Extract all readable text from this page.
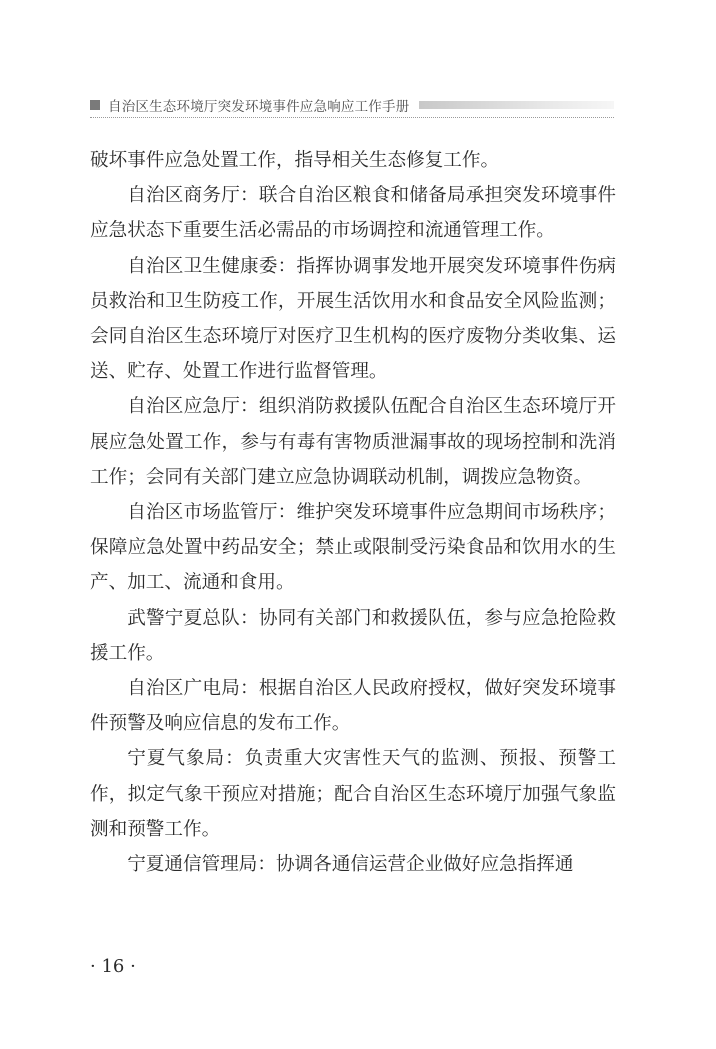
自治区生态环境厅突发环境事件应急响应工作手册

破坏事件应急处置工作，指导相关生态修复工作。

自治区商务厅：联合自治区粮食和储备局承担突发环境事件应急状态下重要生活必需品的市场调控和流通管理工作。

自治区卫生健康委：指挥协调事发地开展突发环境事件伤病员救治和卫生防疫工作，开展生活饮用水和食品安全风险监测；会同自治区生态环境厅对医疗卫生机构的医疗废物分类收集、运送、贮存、处置工作进行监督管理。

自治区应急厅：组织消防救援队伍配合自治区生态环境厅开展应急处置工作，参与有毒有害物质泄漏事故的现场控制和洗消工作；会同有关部门建立应急协调联动机制，调拨应急物资。

自治区市场监管厅：维护突发环境事件应急期间市场秩序；保障应急处置中药品安全；禁止或限制受污染食品和饮用水的生产、加工、流通和食用。

武警宁夏总队：协同有关部门和救援队伍，参与应急抢险救援工作。

自治区广电局：根据自治区人民政府授权，做好突发环境事件预警及响应信息的发布工作。

宁夏气象局：负责重大灾害性天气的监测、预报、预警工作，拟定气象干预应对措施；配合自治区生态环境厅加强气象监测和预警工作。

宁夏通信管理局：协调各通信运营企业做好应急指挥通

· 16 ·
